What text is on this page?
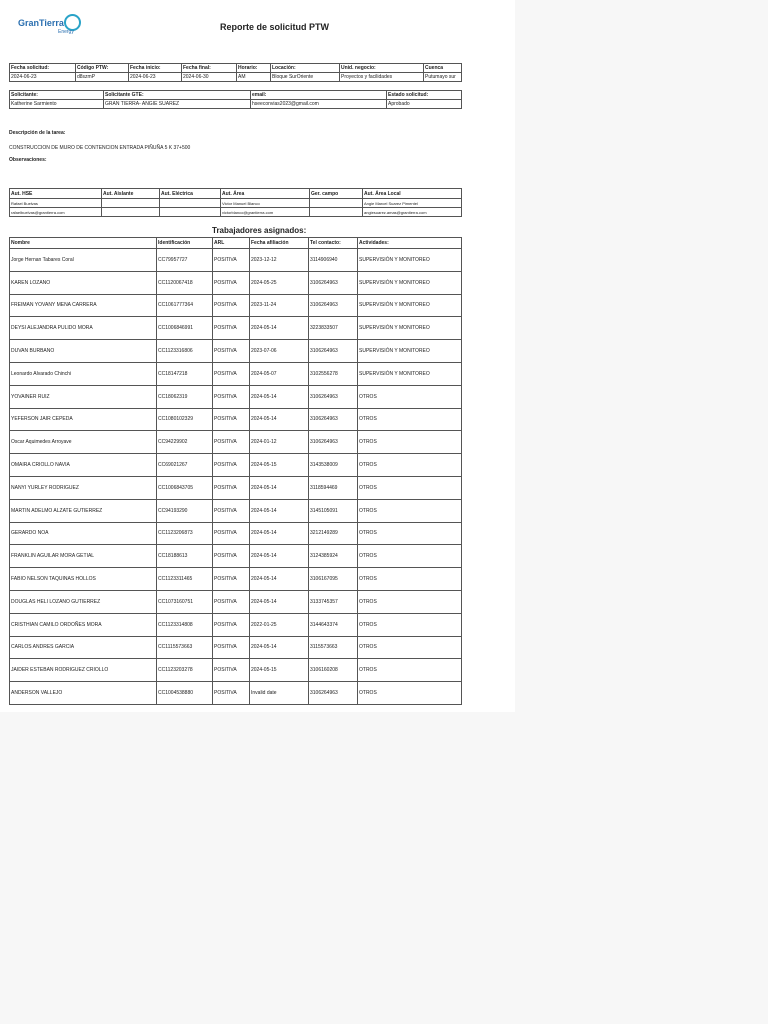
GranTierra
Energy	Reporte de solicitud PTW
Fecha solicitud:	Código PTW:	Fecha inicio:	Fecha final:	Horario:	Locación:	Unid. negocio:	Cuenca
2024-06-23	d8szmP	2024-06-23	2024-06-30	AM	Bloque SurOriente	Proyectos y facilidades	Putumayo sur
Solicitante:	Solicitante GTE:	email:	Estado solicitud:
Katherine Sarmiento	GRAN TIERRA- ANGIE SUAREZ	hseeconvias2023@gmail.com	Aprobado
Descripción de la tarea:
CONSTRUCCION DE MURO DE CONTENCION ENTRADA PIÑUÑA 5 K 37+500
Observaciones:
Aut. HSE	Aut. Aislante	Aut. Eléctrica	Aut. Área	Ger. campo	Aut. Área Local
Rafael Buelvas			Victor Manuel Blanco		Angie Marcel Suarez Pimentel
rafaelbuelvas@grantierra.com			victorblanco@grantierra.com		angiesuarez.amas@grantierra.com
Trabajadores asignados:
Nombre	Identificación	ARL	Fecha afiliación	Tel contacto:	Actividades:
Jorge Hernan Tabares Coral	CC79957727	POSITIVA	2023-12-12	3114906940	SUPERVISIÓN Y MONITOREO
KAREN LOZANO	CC1120067418	POSITIVA	2024-05-25	3106264963	SUPERVISIÓN Y MONITOREO
FREIMAN YOVANY MENA CARRERA	CC1061777364	POSITIVA	2023-11-24	3106264963	SUPERVISIÓN Y MONITOREO
DEYSI ALEJANDRA PULIDO MORA	CC1006846991	POSITIVA	2024-05-14	3223833507	SUPERVISIÓN Y MONITOREO
DUVAN BURBANO	CC1123316806	POSITIVA	2023-07-06	3106264963	SUPERVISIÓN Y MONITOREO
Leonardo Alvarado Chinchi	CC18147218	POSITIVA	2024-05-07	3102556278	SUPERVISIÓN Y MONITOREO
YOVAINER RUIZ	CC18062319	POSITIVA	2024-05-14	3106264963	OTROS
YEFERSON JAIR CEPEDA	CC1080102329	POSITIVA	2024-05-14	3106264963	OTROS
Oscar Aquimedes Arroyave	CC94229902	POSITIVA	2024-01-12	3106264963	OTROS
OMAIRA CRIOLLO NAVIA	CC69021267	POSITIVA	2024-05-15	3143538009	OTROS
NANYI YURLEY RODRIGUEZ	CC1006843705	POSITIVA	2024-05-14	3118594469	OTROS
MARTIN ADELMO ALZATE GUTIERREZ	CC94193290	POSITIVA	2024-05-14	3145105091	OTROS
GERARDO NOA	CC1123206873	POSITIVA	2024-05-14	3212149289	OTROS
FRANKLIN AGUILAR MORA GETIAL	CC18188613	POSITIVA	2024-05-14	3124385924	OTROS
FABIO NELSON TAQUINAS HOLLOS	CC1123311465	POSITIVA	2024-05-14	3106167095	OTROS
DOUGLAS HELI LOZANO GUTIERREZ	CC1073160751	POSITIVA	2024-05-14	3133745357	OTROS
CRISTHIAN CAMILO ORDOÑES MORA	CC1123314808	POSITIVA	2022-01-25	3144643374	OTROS
CARLOS ANDRES GARCIA	CC1115573663	POSITIVA	2024-05-14	3115573663	OTROS
JAIDER ESTEBAN RODRIGUEZ CRIOLLO	CC1123203278	POSITIVA	2024-05-15	3106160208	OTROS
ANDERSON VALLEJO	CC1004538880	POSITIVA	Invalid date	3106264963	OTROS
